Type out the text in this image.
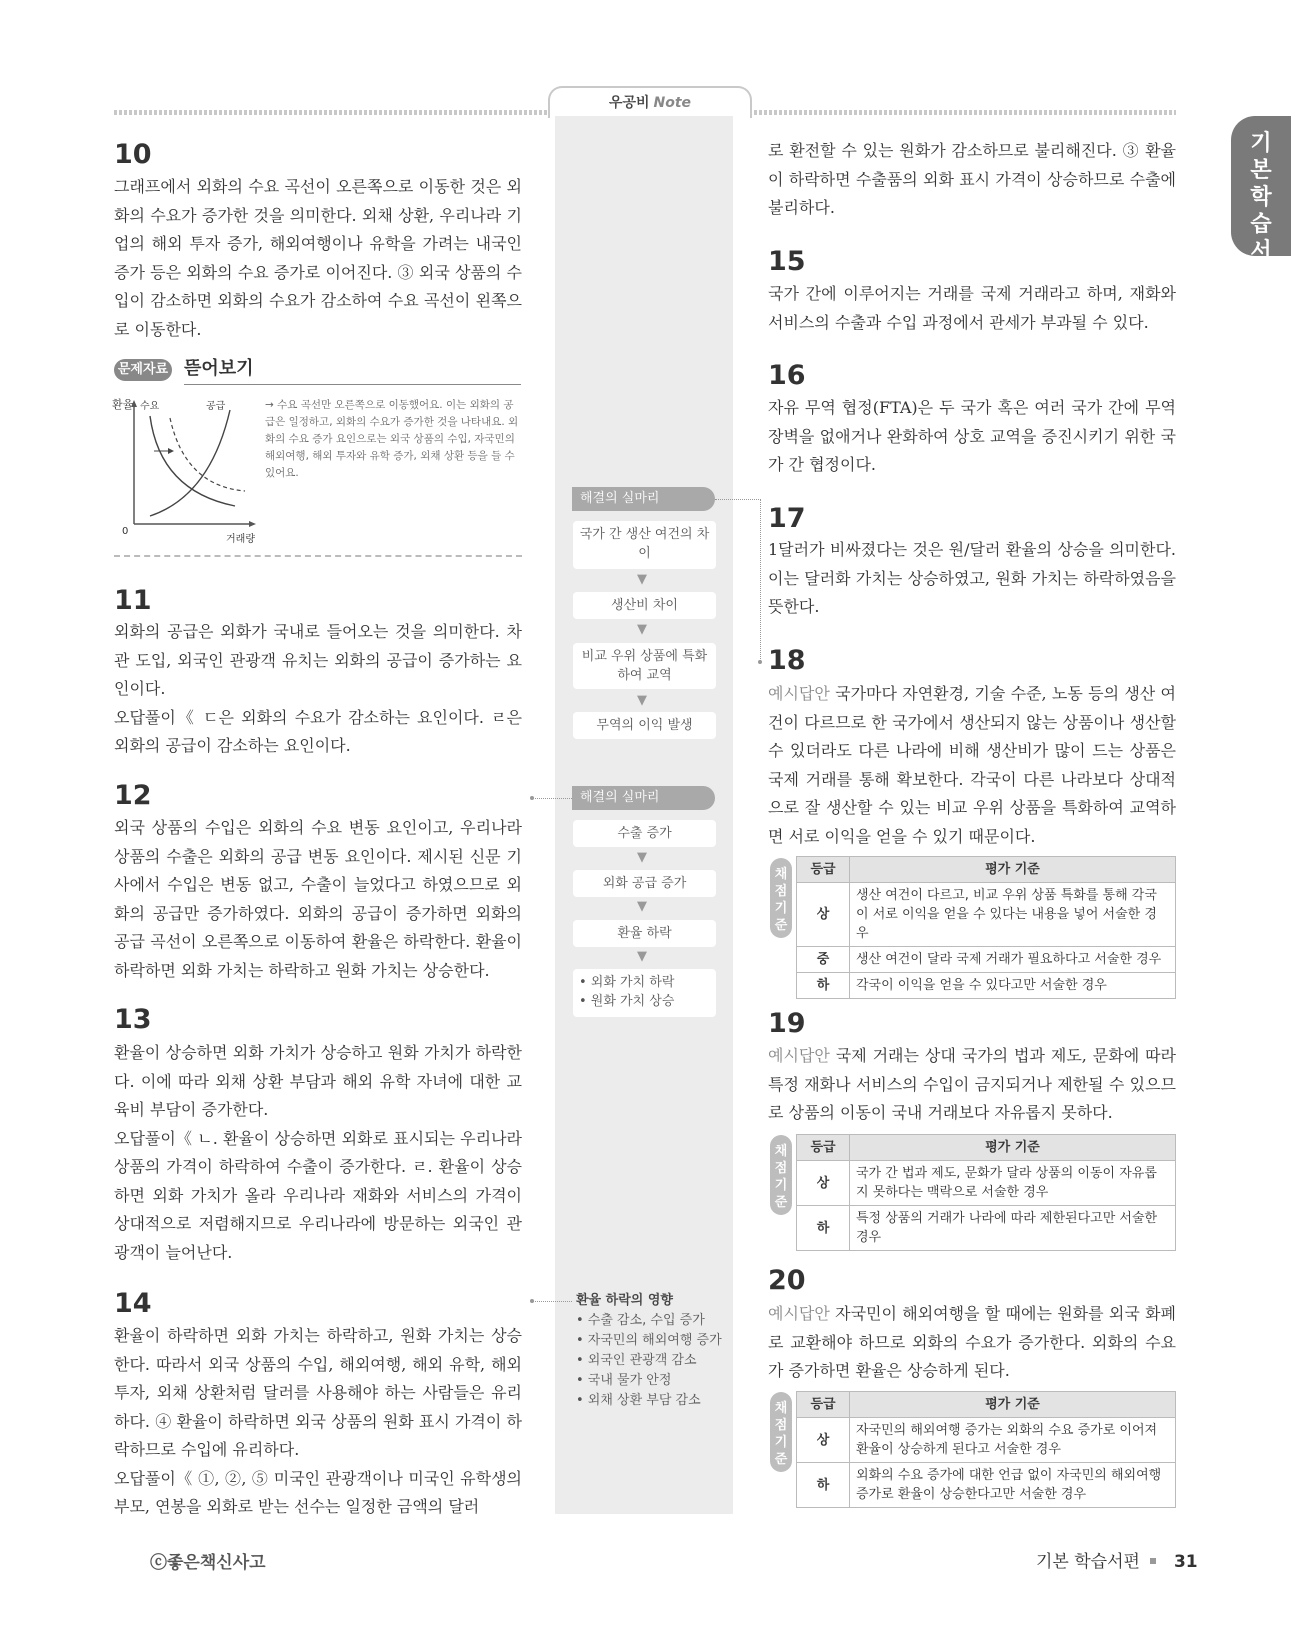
우공비 Note
기본학습서
10
그래프에서 외화의 수요 곡선이 오른쪽으로 이동한 것은 외화의 수요가 증가한 것을 의미한다. 외채 상환, 우리나라 기업의 해외 투자 증가, 해외여행이나 유학을 가려는 내국인 증가 등은 외화의 수요 증가로 이어진다. ③ 외국 상품의 수입이 감소하면 외화의 수요가 감소하여 수요 곡선이 왼쪽으로 이동한다.
문제자료 뜯어보기
환율 수요	공급
0
거래량
→ 수요 곡선만 오른쪽으로 이동했어요. 이는 외화의 공급은 일정하고, 외화의 수요가 증가한 것을 나타내요. 외화의 수요 증가 요인으로는 외국 상품의 수입, 자국민의 해외여행, 해외 투자와 유학 증가, 외채 상환 등을 들 수 있어요.
11
외화의 공급은 외화가 국내로 들어오는 것을 의미한다. 차관 도입, 외국인 관광객 유치는 외화의 공급이 증가하는 요인이다.
오답풀이《 ㄷ은 외화의 수요가 감소하는 요인이다. ㄹ은 외화의 공급이 감소하는 요인이다.
12
외국 상품의 수입은 외화의 수요 변동 요인이고, 우리나라 상품의 수출은 외화의 공급 변동 요인이다. 제시된 신문 기사에서 수입은 변동 없고, 수출이 늘었다고 하였으므로 외화의 공급만 증가하였다. 외화의 공급이 증가하면 외화의 공급 곡선이 오른쪽으로 이동하여 환율은 하락한다. 환율이 하락하면 외화 가치는 하락하고 원화 가치는 상승한다.
13
환율이 상승하면 외화 가치가 상승하고 원화 가치가 하락한다. 이에 따라 외채 상환 부담과 해외 유학 자녀에 대한 교육비 부담이 증가한다.
오답풀이《 ㄴ. 환율이 상승하면 외화로 표시되는 우리나라 상품의 가격이 하락하여 수출이 증가한다. ㄹ. 환율이 상승하면 외화 가치가 올라 우리나라 재화와 서비스의 가격이 상대적으로 저렴해지므로 우리나라에 방문하는 외국인 관광객이 늘어난다.
14
환율이 하락하면 외화 가치는 하락하고, 원화 가치는 상승한다. 따라서 외국 상품의 수입, 해외여행, 해외 유학, 해외 투자, 외채 상환처럼 달러를 사용해야 하는 사람들은 유리하다. ④ 환율이 하락하면 외국 상품의 원화 표시 가격이 하락하므로 수입에 유리하다.
오답풀이《 ①, ②, ⑤ 미국인 관광객이나 미국인 유학생의 부모, 연봉을 외화로 받는 선수는 일정한 금액의 달러
로 환전할 수 있는 원화가 감소하므로 불리해진다. ③ 환율이 하락하면 수출품의 외화 표시 가격이 상승하므로 수출에 불리하다.
15
국가 간에 이루어지는 거래를 국제 거래라고 하며, 재화와 서비스의 수출과 수입 과정에서 관세가 부과될 수 있다.
16
자유 무역 협정(FTA)은 두 국가 혹은 여러 국가 간에 무역 장벽을 없애거나 완화하여 상호 교역을 증진시키기 위한 국가 간 협정이다.
17
1달러가 비싸졌다는 것은 원/달러 환율의 상승을 의미한다. 이는 달러화 가치는 상승하였고, 원화 가치는 하락하였음을 뜻한다.
18
예시답안 국가마다 자연환경, 기술 수준, 노동 등의 생산 여건이 다르므로 한 국가에서 생산되지 않는 상품이나 생산할 수 있더라도 다른 나라에 비해 생산비가 많이 드는 상품은 국제 거래를 통해 확보한다. 각국이 다른 나라보다 상대적으로 잘 생산할 수 있는 비교 우위 상품을 특화하여 교역하면 서로 이익을 얻을 수 있기 때문이다.
채점기준
등급	평가 기준
상	생산 여건이 다르고, 비교 우위 상품 특화를 통해 각국이 서로 이익을 얻을 수 있다는 내용을 넣어 서술한 경우
중	생산 여건이 달라 국제 거래가 필요하다고 서술한 경우
하	각국이 이익을 얻을 수 있다고만 서술한 경우
19
예시답안 국제 거래는 상대 국가의 법과 제도, 문화에 따라 특정 재화나 서비스의 수입이 금지되거나 제한될 수 있으므로 상품의 이동이 국내 거래보다 자유롭지 못하다.
채점기준
등급	평가 기준
상	국가 간 법과 제도, 문화가 달라 상품의 이동이 자유롭지 못하다는 맥락으로 서술한 경우
하	특정 상품의 거래가 나라에 따라 제한된다고만 서술한 경우
20
예시답안 자국민이 해외여행을 할 때에는 원화를 외국 화폐로 교환해야 하므로 외화의 수요가 증가한다. 외화의 수요가 증가하면 환율은 상승하게 된다.
채점기준
등급	평가 기준
상	자국민의 해외여행 증가는 외화의 수요 증가로 이어져 환율이 상승하게 된다고 서술한 경우
하	외화의 수요 증가에 대한 언급 없이 자국민의 해외여행 증가로 환율이 상승한다고만 서술한 경우
해결의 실마리
국가 간 생산 여건의 차이
▼
생산비 차이
▼
비교 우위 상품에 특화하여 교역
▼
무역의 이익 발생
해결의 실마리
수출 증가
▼
외화 공급 증가
▼
환율 하락
▼
• 외화 가치 하락
• 원화 가치 상승
환율 하락의 영향
• 수출 감소, 수입 증가
• 자국민의 해외여행 증가
• 외국인 관광객 감소
• 국내 물가 안정
• 외채 상환 부담 감소
ⓒ좋은책신사고	기본 학습서편 31
